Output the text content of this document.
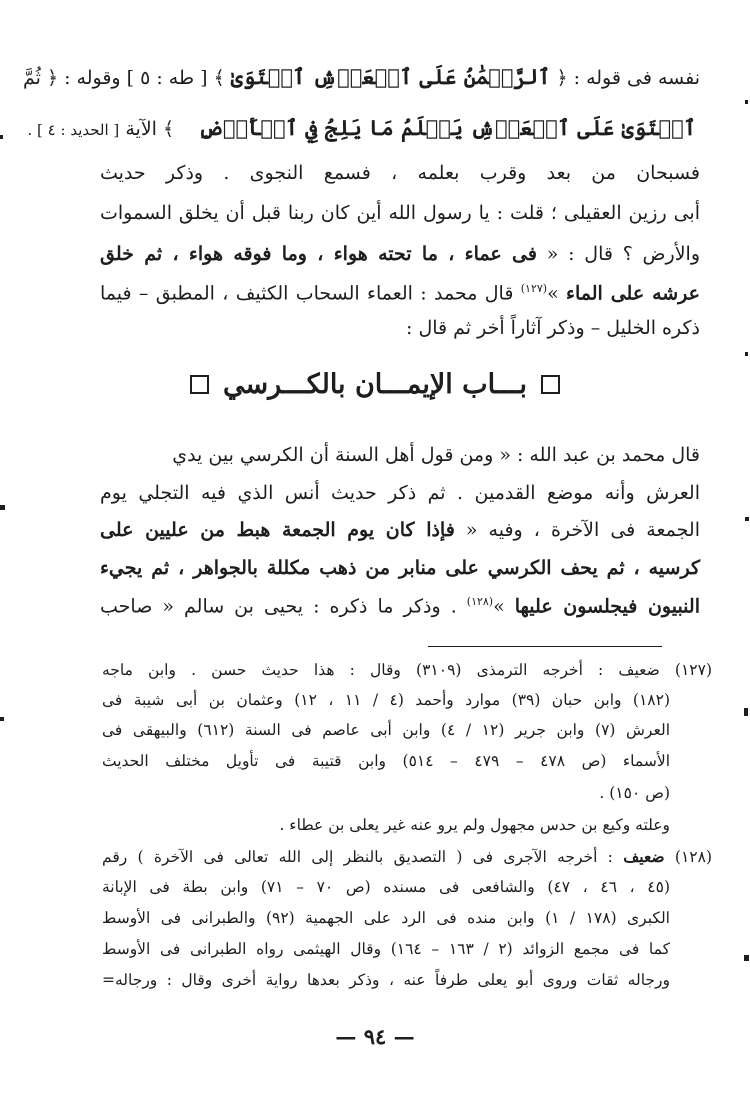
نفسه فى قوله : ﴿ ٱلرَّحۡمَٰنُ عَلَى ٱلۡعَرۡشِ ٱسۡتَوَىٰ ﴾ [ طه : ٥ ] وقوله : ﴿ ثُمَّ
ٱسۡتَوَىٰ عَلَى ٱلۡعَرۡشِ يَعۡلَمُ مَا يَلِجُ فِي ٱلۡأَرۡضِ    ﴾ الآية [ الحديد : ٤ ] .
فسبحان من بعد وقرب بعلمه ، فسمع النجوى . وذكر حديث
أبى رزين العقيلى ؛ قلت : يا رسول الله أين كان ربنا قبل أن يخلق السموات
والأرض ؟ قال : « فى عماء ، ما تحته هواء ، وما فوقه هواء ، ثم خلق
عرشه على الماء »$^{(١٢٧)}$ قال محمد : العماء السحاب الكثيف ، المطبق – فيما
ذكره الخليل – وذكر آثاراً أخر ثم قال :
بـــاب الإيمـــان بالكـــرسي
قال محمد بن عبد الله : « ومن قول أهل السنة أن الكرسي بين يدي
العرش وأنه موضع القدمين . ثم ذكر حديث أنس الذي فيه التجلي يوم
الجمعة فى الآخرة ، وفيه « فإذا كان يوم الجمعة هبط من عليين على
كرسيه ، ثم يحف الكرسي على منابر من ذهب مكللة بالجواهر ، ثم يجيء
النبيون فيجلسون عليها »$^{(١٢٨)}$ . وذكر ما ذكره : يحيى بن سالم « صاحب
(١٢٧) ضعيف : أخرجه الترمذى (٣١٠٩) وقال : هذا حديث حسن . وابن ماجه
(١٨٢) وابن حبان (٣٩) موارد وأحمد (٤ / ١١ ، ١٢) وعثمان بن أبى شيبة فى
العرش (٧) وابن جرير (١٢ / ٤) وابن أبى عاصم فى السنة (٦١٢) والبيهقى فى
الأسماء (ص ٤٧٨ – ٤٧٩ – ٥١٤) وابن قتيبة فى تأويل مختلف الحديث
(ص ١٥٠) .
وعلته وكيع بن حدس مجهول ولم يرو عنه غير يعلى بن عطاء .
(١٢٨) ضعيف : أخرجه الآجرى فى ( التصديق بالنظر إلى الله تعالى فى الآخرة ) رقم
(٤٥ ، ٤٦ ، ٤٧) والشافعى فى مسنده (ص ٧٠ – ٧١) وابن بطة فى الإبانة
الكبرى (١٧٨ / ١) وابن منده فى الرد على الجهمية (٩٢) والطبرانى فى الأوسط
كما فى مجمع الزوائد (٢ / ١٦٣ – ١٦٤) وقال الهيثمى رواه الطبرانى فى الأوسط
ورجاله ثقات وروى أبو يعلى طرفاً عنه ، وذكر بعدها رواية أخرى وقال : ورجاله=
— ٩٤ —
